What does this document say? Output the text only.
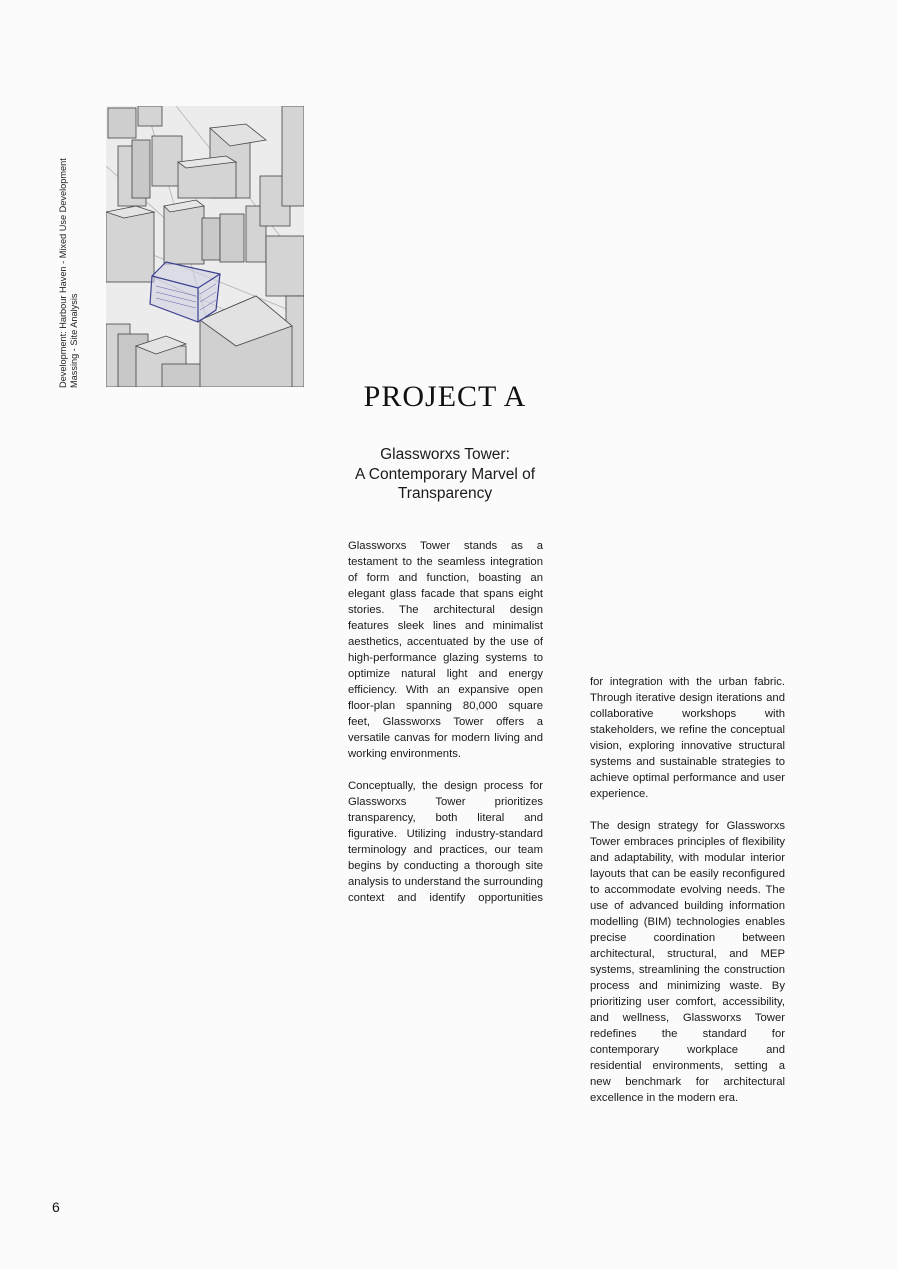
Development: Harbour Haven - Mixed Use Development Massing - Site Analysis
PROJECT A
Glassworxs Tower:
A Contemporary Marvel of
Transparency

Glassworxs Tower stands as a testament to the seamless integration of form and function, boasting an elegant glass facade that spans eight stories. The architectural design features sleek lines and minimalist aesthetics, accentuated by the use of high-performance glazing systems to optimize natural light and energy efficiency. With an expansive open floor-plan spanning 80,000 square feet, Glassworxs Tower offers a versatile canvas for modern living and working environments.

Conceptually, the design process for Glassworxs Tower prioritizes transparency, both literal and figurative. Utilizing industry-standard terminology and practices, our team begins by conducting a thorough site analysis to understand the surrounding context and identify opportunities

for integration with the urban fabric. Through iterative design iterations and collaborative workshops with stakeholders, we refine the conceptual vision, exploring innovative structural systems and sustainable strategies to achieve optimal performance and user experience.

The design strategy for Glassworxs Tower embraces principles of flexibility and adaptability, with modular interior layouts that can be easily reconfigured to accommodate evolving needs. The use of advanced building information modelling (BIM) technologies enables precise coordination between architectural, structural, and MEP systems, streamlining the construction process and minimizing waste. By prioritizing user comfort, accessibility, and wellness, Glassworxs Tower redefines the standard for contemporary workplace and residential environments, setting a new benchmark for architectural excellence in the modern era.

6
